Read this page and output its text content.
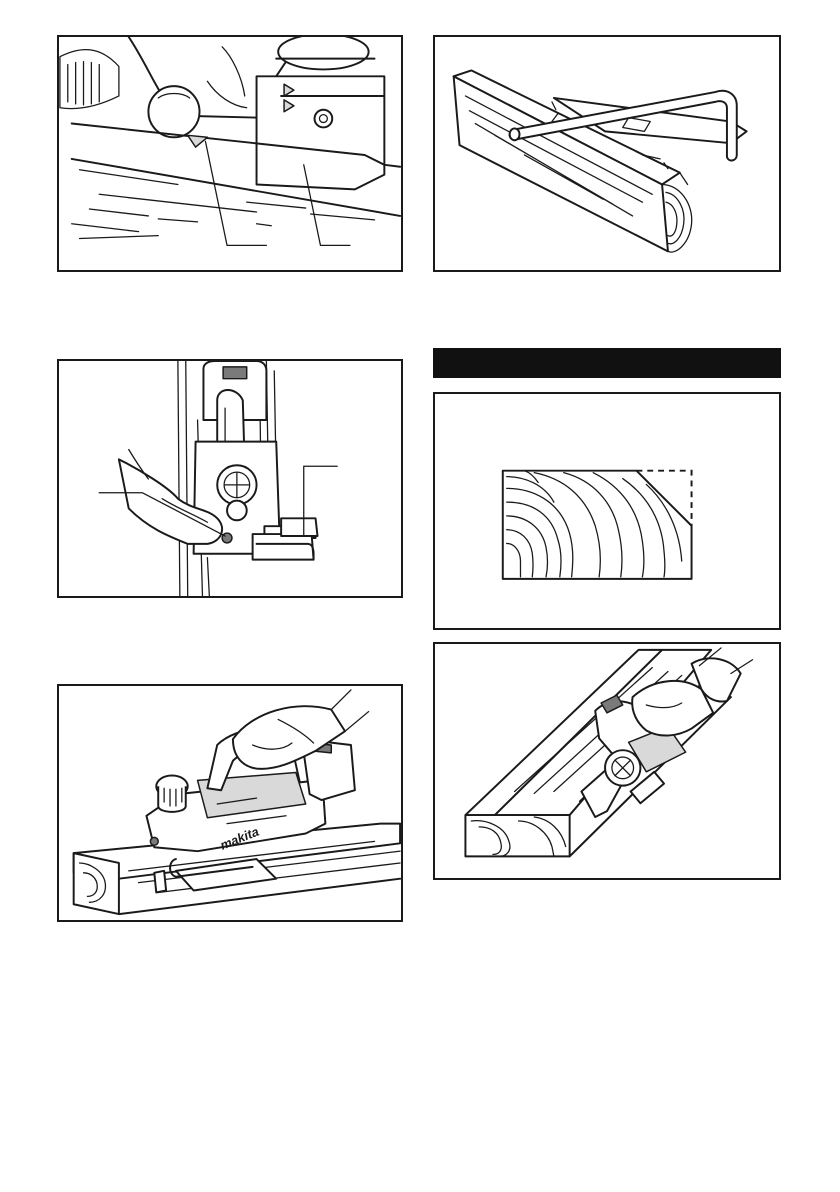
makita
